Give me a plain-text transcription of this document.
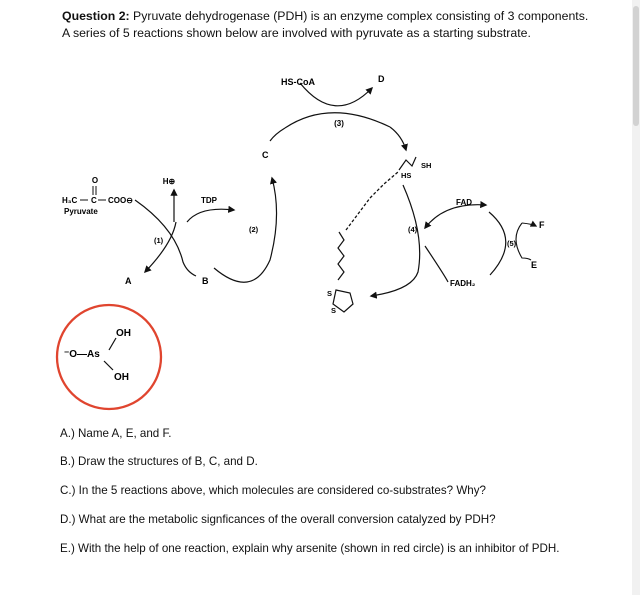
Question 2: Pyruvate dehydrogenase (PDH) is an enzyme complex consisting of 3 components.
A series of 5 reactions shown below are involved with pyruvate as a starting substrate.
HS-CoA	D
(3)
C
O
H₃C C COO⊖
Pyruvate
H⊕
(1)
A
TDP
B
(2)
S
S
HS
SH
FAD
(4)
FADH₂
F
(5)
E
OH
⁻O—As
OH
A.) Name A, E, and F.
B.) Draw the structures of B, C, and D.
C.) In the 5 reactions above, which molecules are considered co-substrates? Why?
D.) What are the metabolic signficances of the overall conversion catalyzed by PDH?
E.) With the help of one reaction, explain why arsenite (shown in red circle) is an inhibitor of PDH.
